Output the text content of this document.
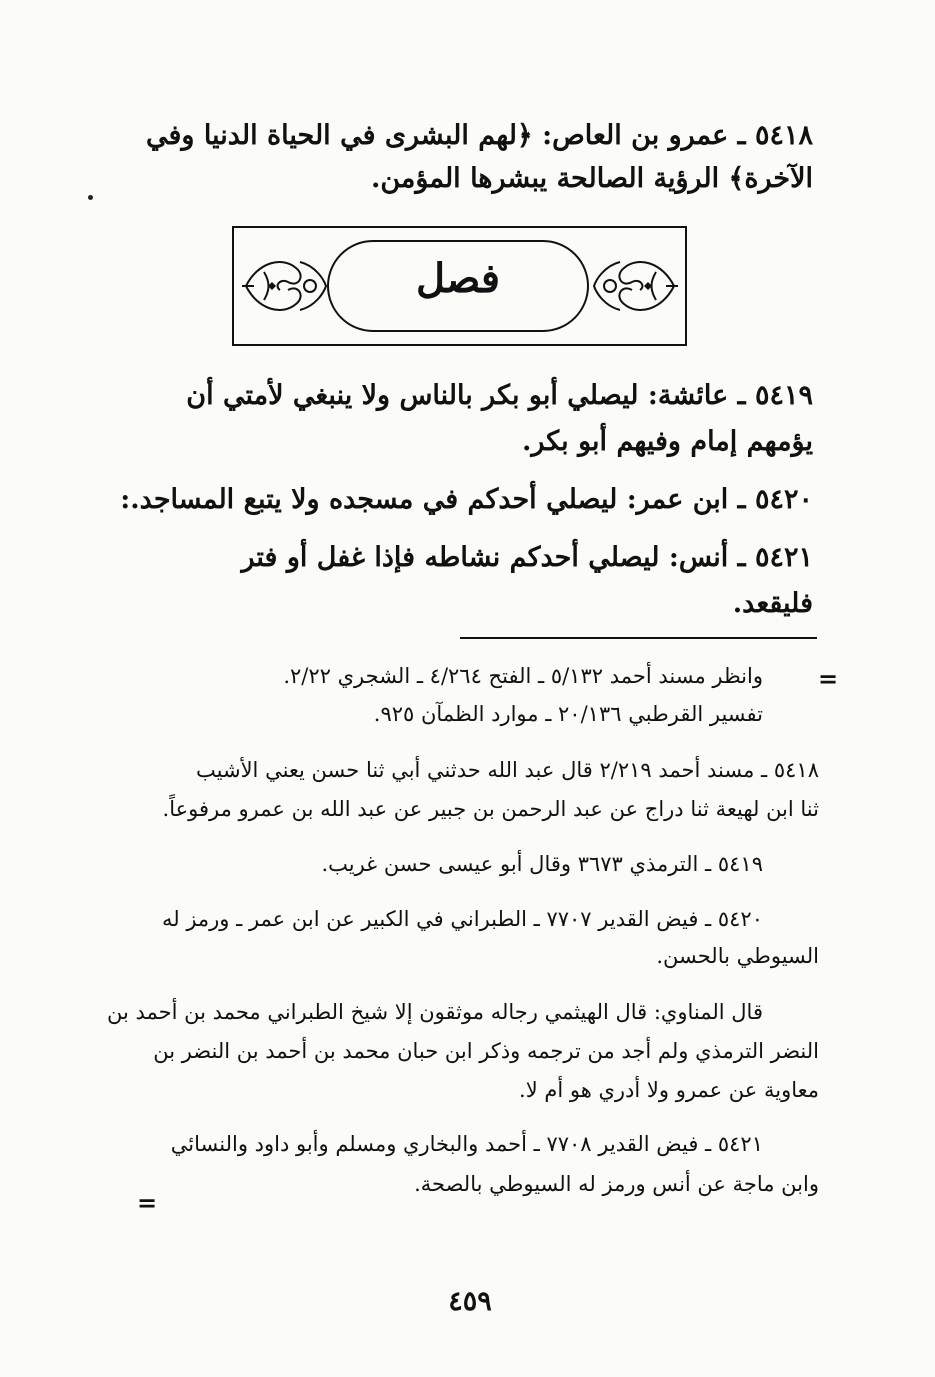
٥٤١٨ ـ عمرو بن العاص: ﴿لهم البشرى في الحياة الدنيا وفي
الآخرة﴾ الرؤية الصالحة يبشرها المؤمن.
فصل
٥٤١٩ ـ عائشة: ليصلي أبو بكر بالناس ولا ينبغي لأمتي أن
يؤمهم إمام وفيهم أبو بكر.
٥٤٢٠ ـ ابن عمر: ليصلي أحدكم في مسجده ولا يتبع المساجد.:
٥٤٢١ ـ أنس: ليصلي أحدكم نشاطه فإذا غفل أو فتر
فليقعد.
=
وانظر مسند أحمد ٥/١٣٢ ـ الفتح ٤/٢٦٤ ـ الشجري ٢/٢٢.
تفسير القرطبي ٢٠/١٣٦ ـ موارد الظمآن ٩٢٥.
٥٤١٨ ـ مسند أحمد ٢/٢١٩ قال عبد الله حدثني أبي ثنا حسن يعني الأشيب
ثنا ابن لهيعة ثنا دراج عن عبد الرحمن بن جبير عن عبد الله بن عمرو مرفوعاً.
٥٤١٩ ـ الترمذي ٣٦٧٣ وقال أبو عيسى حسن غريب.
٥٤٢٠ ـ فيض القدير ٧٧٠٧ ـ الطبراني في الكبير عن ابن عمر ـ ورمز له
السيوطي بالحسن.
قال المناوي: قال الهيثمي رجاله موثقون إلا شيخ الطبراني محمد بن أحمد بن
النضر الترمذي ولم أجد من ترجمه وذكر ابن حبان محمد بن أحمد بن النضر بن
معاوية عن عمرو ولا أدري هو أم لا.
٥٤٢١ ـ فيض القدير ٧٧٠٨ ـ أحمد والبخاري ومسلم وأبو داود والنسائي
وابن ماجة عن أنس ورمز له السيوطي بالصحة.
=
٤٥٩
